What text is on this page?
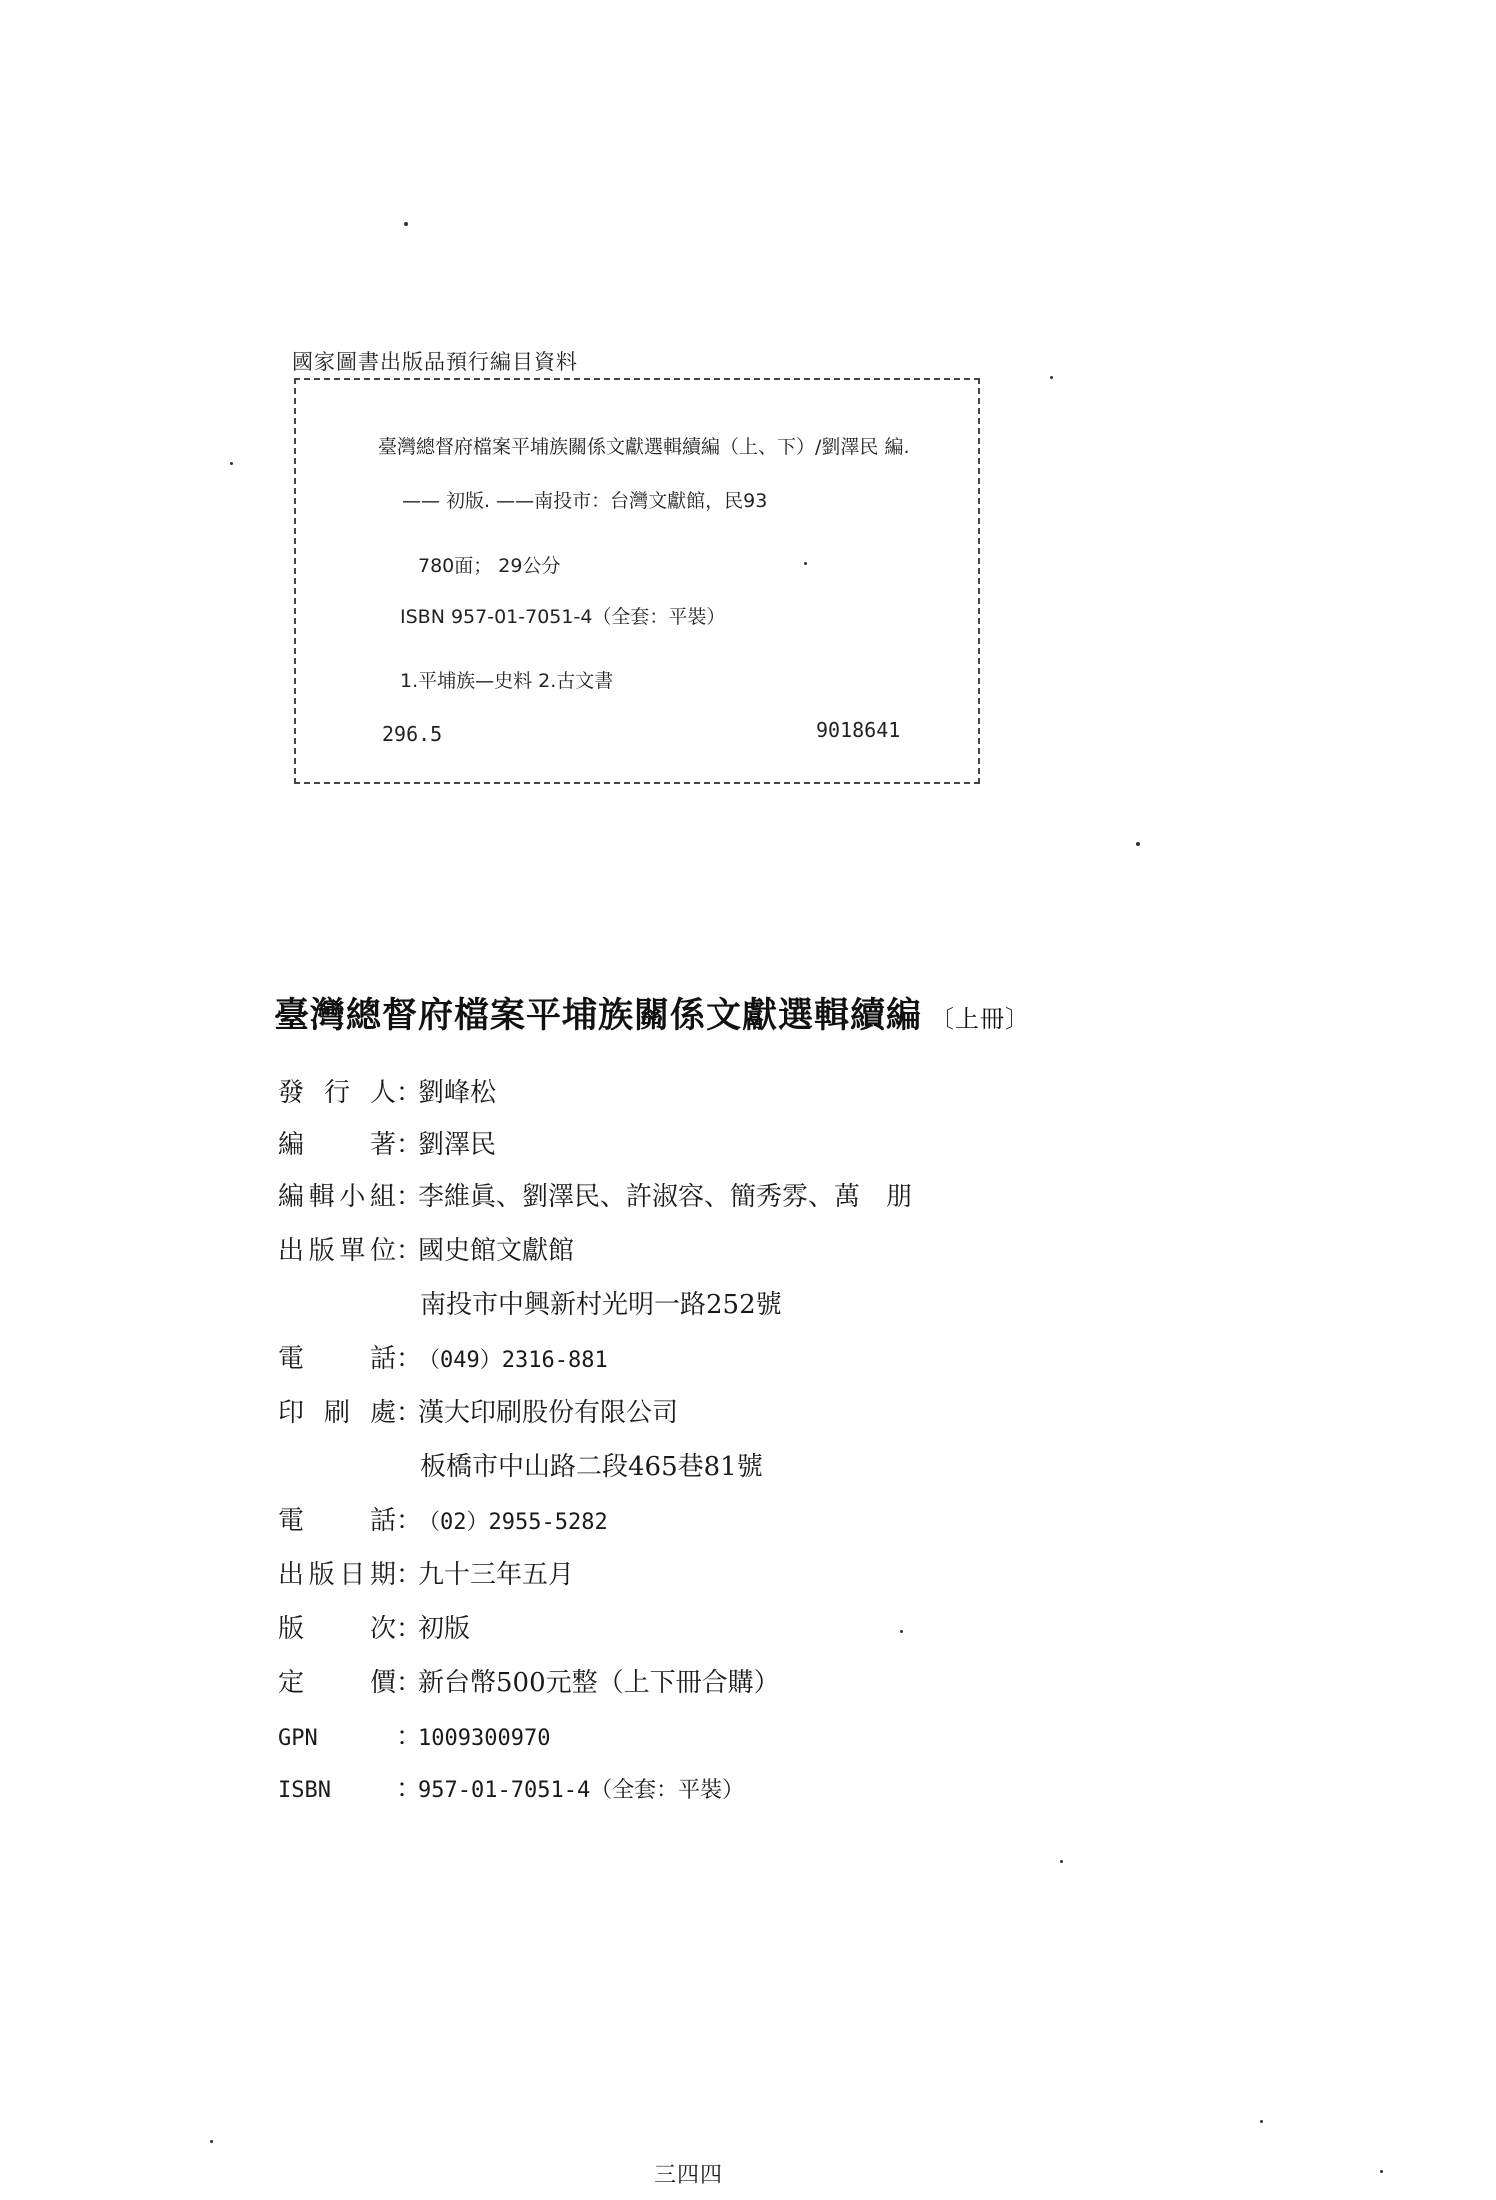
國家圖書出版品預行編目資料
臺灣總督府檔案平埔族關係文獻選輯續編（上、下）/劉澤民 編.
—— 初版. ——南投市：台灣文獻館，民93
780面； 29公分
ISBN 957-01-7051-4（全套：平裝）
1.平埔族—史料 2.古文書
296.5	9018641
臺灣總督府檔案平埔族關係文獻選輯續編 〔上冊〕
發行人：劉峰松
編著：劉澤民
編輯小組：李維眞、劉澤民、許淑容、簡秀雰、萬　朋
出版單位：國史館文獻館
南投市中興新村光明一路252號
電話：（049）2316-881
印刷處：漢大印刷股份有限公司
板橋市中山路二段465巷81號
電話：（02）2955-5282
出版日期：九十三年五月
版次：初版
定價：新台幣500元整（上下冊合購）
GPN	：1009300970
ISBN	：957-01-7051-4（全套：平裝）
三四四
